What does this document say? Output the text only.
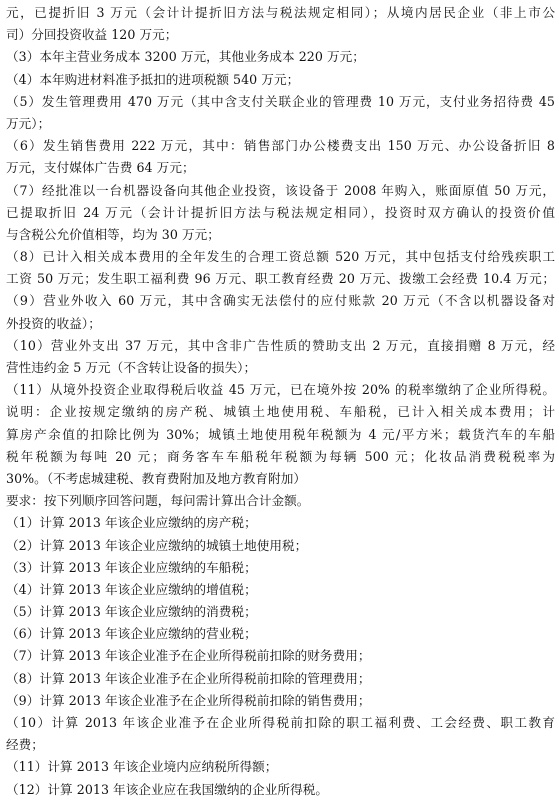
元，已提折旧 3 万元（会计计提折旧方法与税法规定相同）；从境内居民企业（非上市公
司）分回投资收益 120 万元；
（3）本年主营业务成本 3200 万元，其他业务成本 220 万元；
（4）本年购进材料准予抵扣的进项税额 540 万元；
（5）发生管理费用 470 万元（其中含支付关联企业的管理费 10 万元，支付业务招待费 45
万元）；
（6）发生销售费用 222 万元，其中：销售部门办公楼费支出 150 万元、办公设备折旧 8
万元，支付媒体广告费 64 万元；
（7）经批准以一台机器设备向其他企业投资，该设备于 2008 年购入，账面原值 50 万元，
已提取折旧 24 万元（会计计提折旧方法与税法规定相同），投资时双方确认的投资价值
与含税公允价值相等，均为 30 万元；
（8）已计入相关成本费用的全年发生的合理工资总额 520 万元，其中包括支付给残疾职工
工资 50 万元；发生职工福利费 96 万元、职工教育经费 20 万元、拨缴工会经费 10.4 万元；
（9）营业外收入 60 万元，其中含确实无法偿付的应付账款 20 万元（不含以机器设备对
外投资的收益）；
（10）营业外支出 37 万元，其中含非广告性质的赞助支出 2 万元，直接捐赠 8 万元，经
营性违约金 5 万元（不含转让设备的损失）；
（11）从境外投资企业取得税后收益 45 万元，已在境外按 20% 的税率缴纳了企业所得税。
说明：企业按规定缴纳的房产税、城镇土地使用税、车船税，已计入相关成本费用；计
算房产余值的扣除比例为 30%；城镇土地使用税年税额为 4 元/平方米；载货汽车的车船
税年税额为每吨 20 元；商务客车车船税年税额为每辆 500 元；化妆品消费税税率为
30%。（不考虑城建税、教育费附加及地方教育附加）
要求：按下列顺序回答问题，每问需计算出合计金额。
（1）计算 2013 年该企业应缴纳的房产税；
（2）计算 2013 年该企业应缴纳的城镇土地使用税；
（3）计算 2013 年该企业应缴纳的车船税；
（4）计算 2013 年该企业应缴纳的增值税；
（5）计算 2013 年该企业应缴纳的消费税；
（6）计算 2013 年该企业应缴纳的营业税；
（7）计算 2013 年该企业准予在企业所得税前扣除的财务费用；
（8）计算 2013 年该企业准予在企业所得税前扣除的管理费用；
（9）计算 2013 年该企业准予在企业所得税前扣除的销售费用；
（10）计算 2013 年该企业准予在企业所得税前扣除的职工福利费、工会经费、职工教育
经费；
（11）计算 2013 年该企业境内应纳税所得额；
（12）计算 2013 年该企业应在我国缴纳的企业所得税。
